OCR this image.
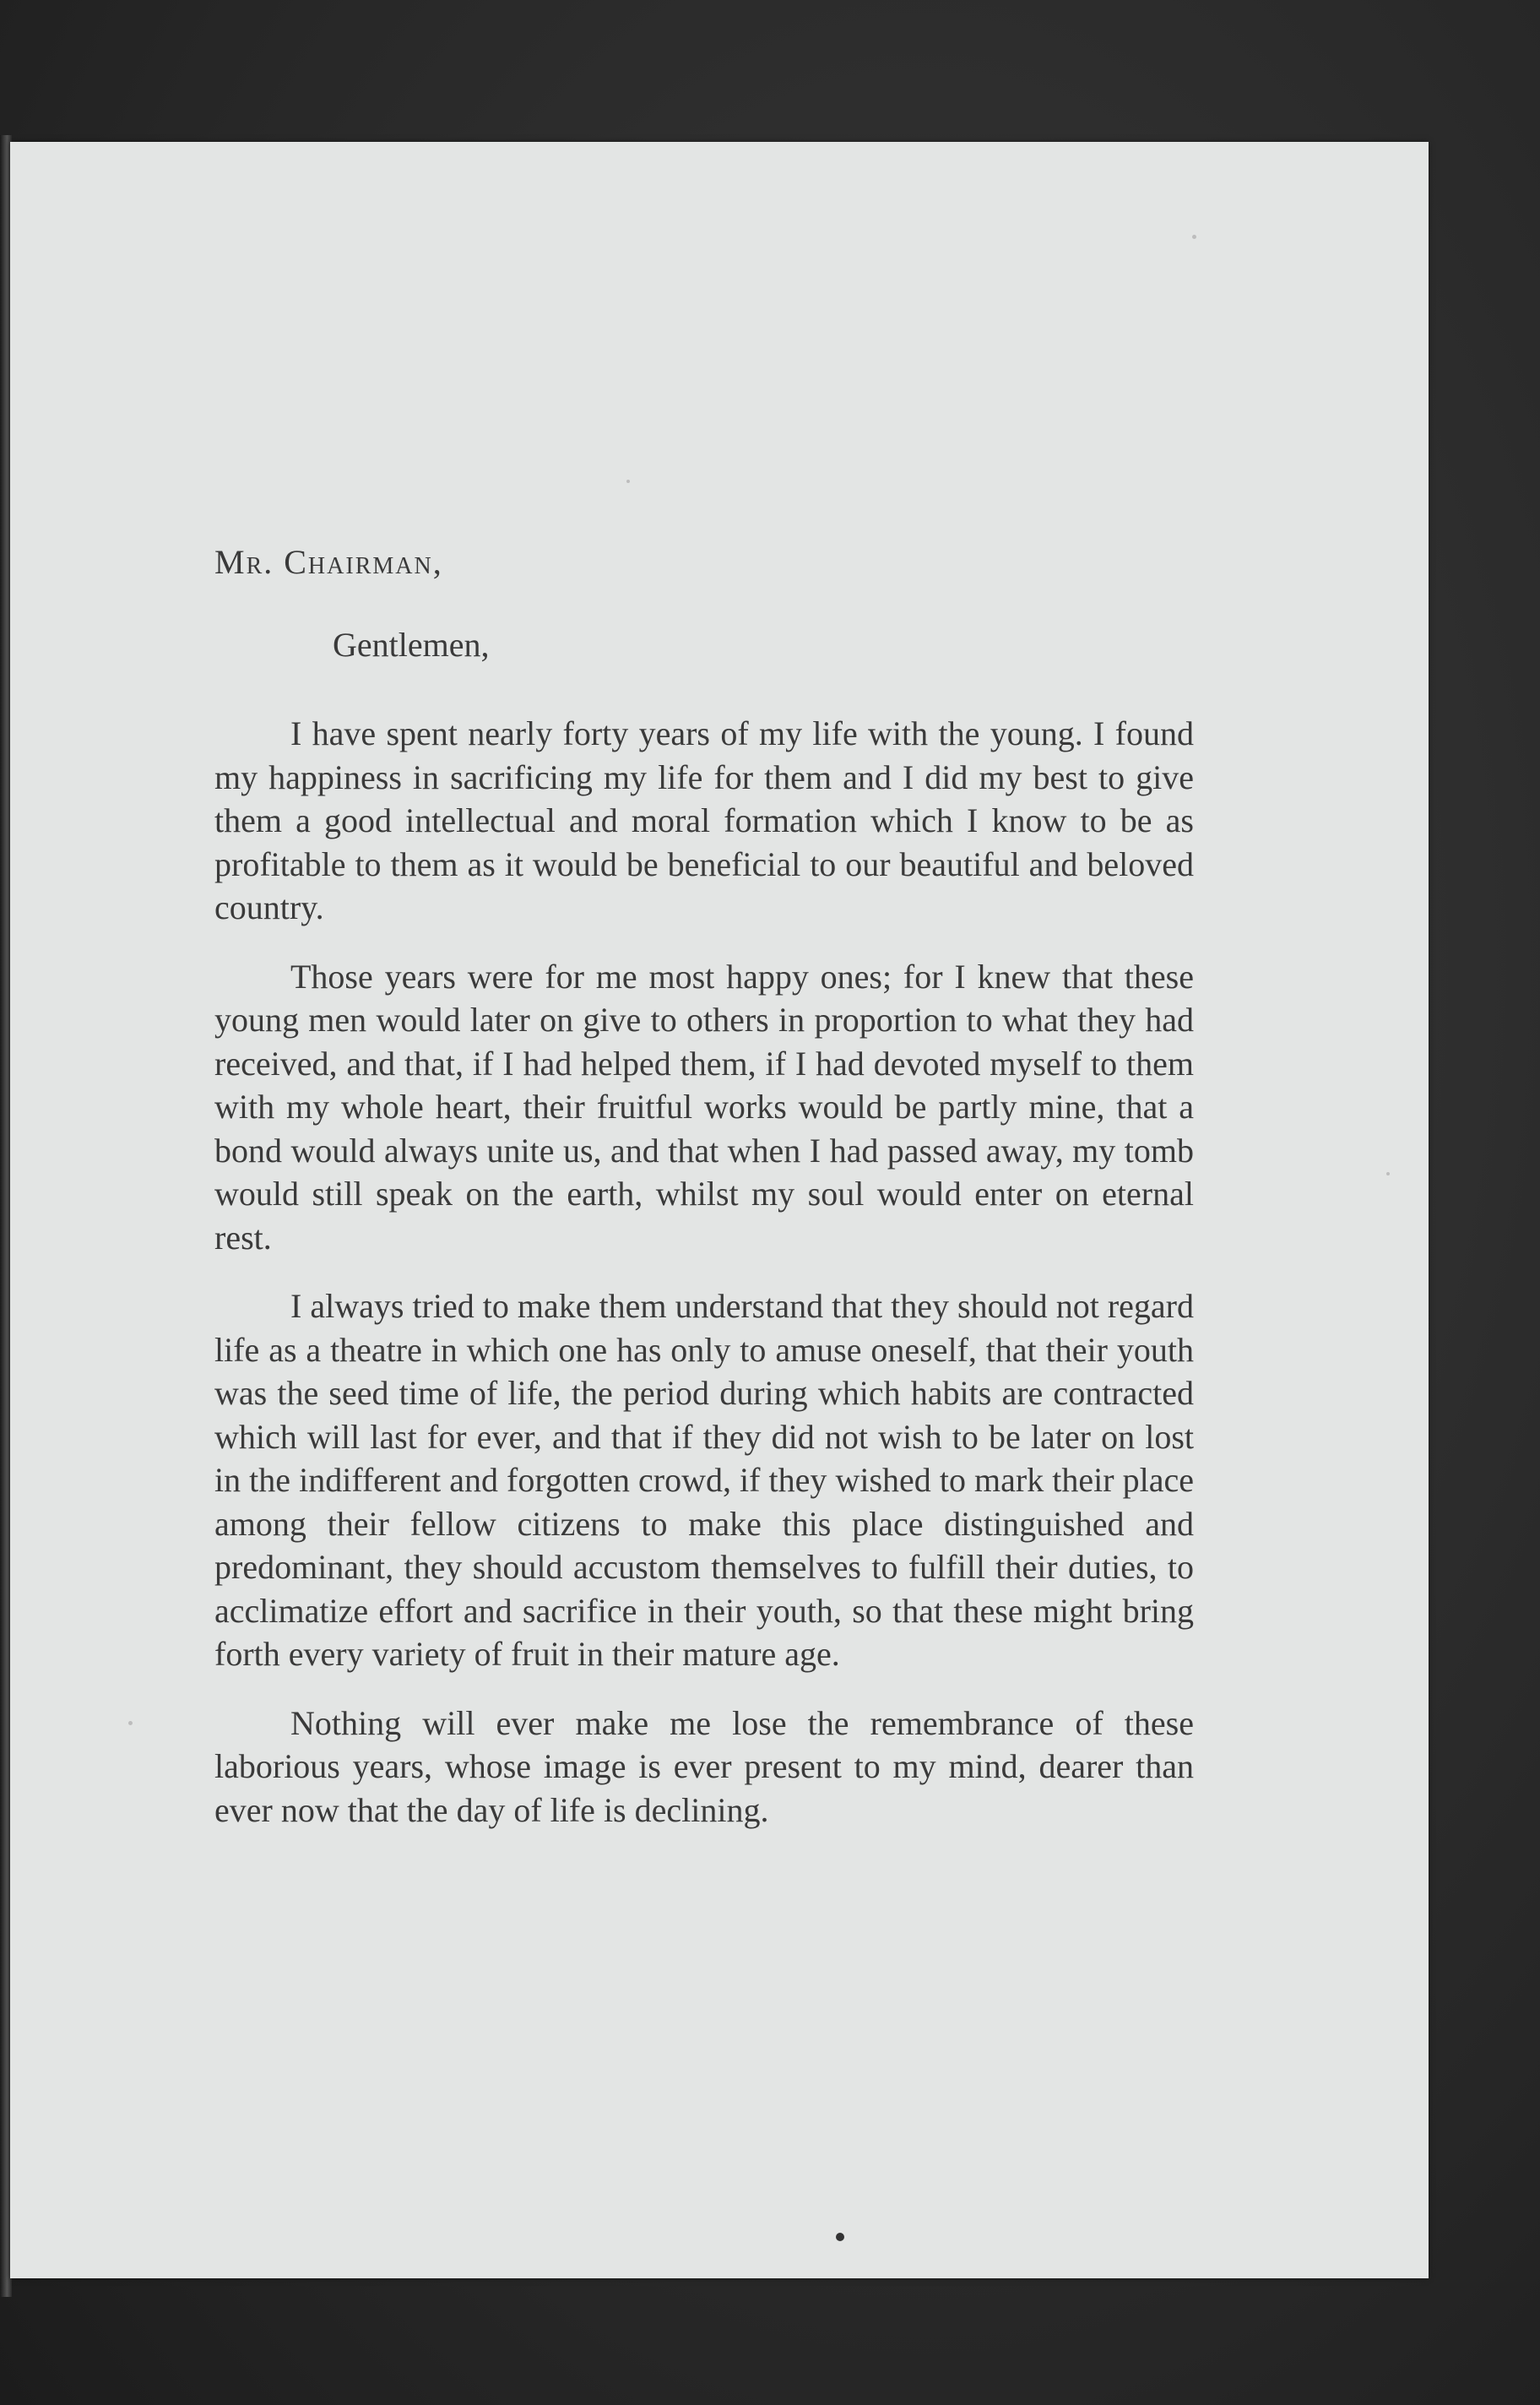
Mr. Chairman,

Gentlemen,

I have spent nearly forty years of my life with the young. I found my happiness in sacrificing my life for them and I did my best to give them a good intellectual and moral formation which I know to be as profitable to them as it would be beneficial to our beautiful and beloved country.

Those years were for me most happy ones; for I knew that these young men would later on give to others in proportion to what they had received, and that, if I had helped them, if I had devoted myself to them with my whole heart, their fruitful works would be partly mine, that a bond would always unite us, and that when I had passed away, my tomb would still speak on the earth, whilst my soul would enter on eternal rest.

I always tried to make them understand that they should not regard life as a theatre in which one has only to amuse oneself, that their youth was the seed time of life, the period during which habits are contracted which will last for ever, and that if they did not wish to be later on lost in the indifferent and forgotten crowd, if they wished to mark their place among their fellow citizens to make this place distinguished and predominant, they should accustom themselves to fulfill their duties, to acclimatize effort and sacrifice in their youth, so that these might bring forth every variety of fruit in their mature age.

Nothing will ever make me lose the remembrance of these laborious years, whose image is ever present to my mind, dearer than ever now that the day of life is declining.
